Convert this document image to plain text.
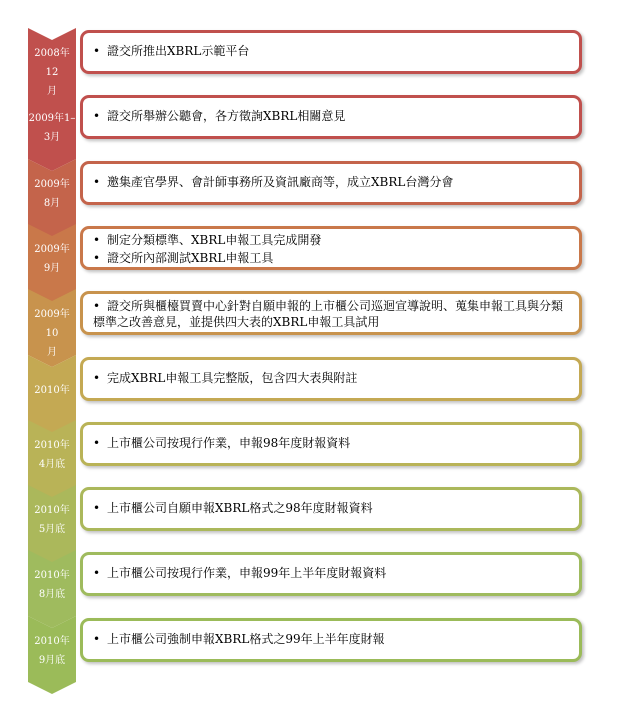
2008年12
月
• 證交所推出XBRL示範平台
2009年1–
3月
• 證交所舉辦公聽會，各方徵詢XBRL相關意見
2009年
8月
• 邀集產官學界、會計師事務所及資訊廠商等，成立XBRL台灣分會
2009年
9月
• 制定分類標準、XBRL申報工具完成開發
• 證交所內部測試XBRL申報工具
2009年10
月
• 證交所與櫃檯買賣中心針對自願申報的上市櫃公司巡迴宣導說明、蒐集申報工具與分類標準之改善意見，並提供四大表的XBRL申報工具試用
2010年
• 完成XBRL申報工具完整版，包含四大表與附註
2010年
4月底
• 上市櫃公司按現行作業，申報98年度財報資料
2010年
5月底
• 上市櫃公司自願申報XBRL格式之98年度財報資料
2010年
8月底
• 上市櫃公司按現行作業，申報99年上半年度財報資料
2010年
9月底
• 上市櫃公司強制申報XBRL格式之99年上半年度財報
